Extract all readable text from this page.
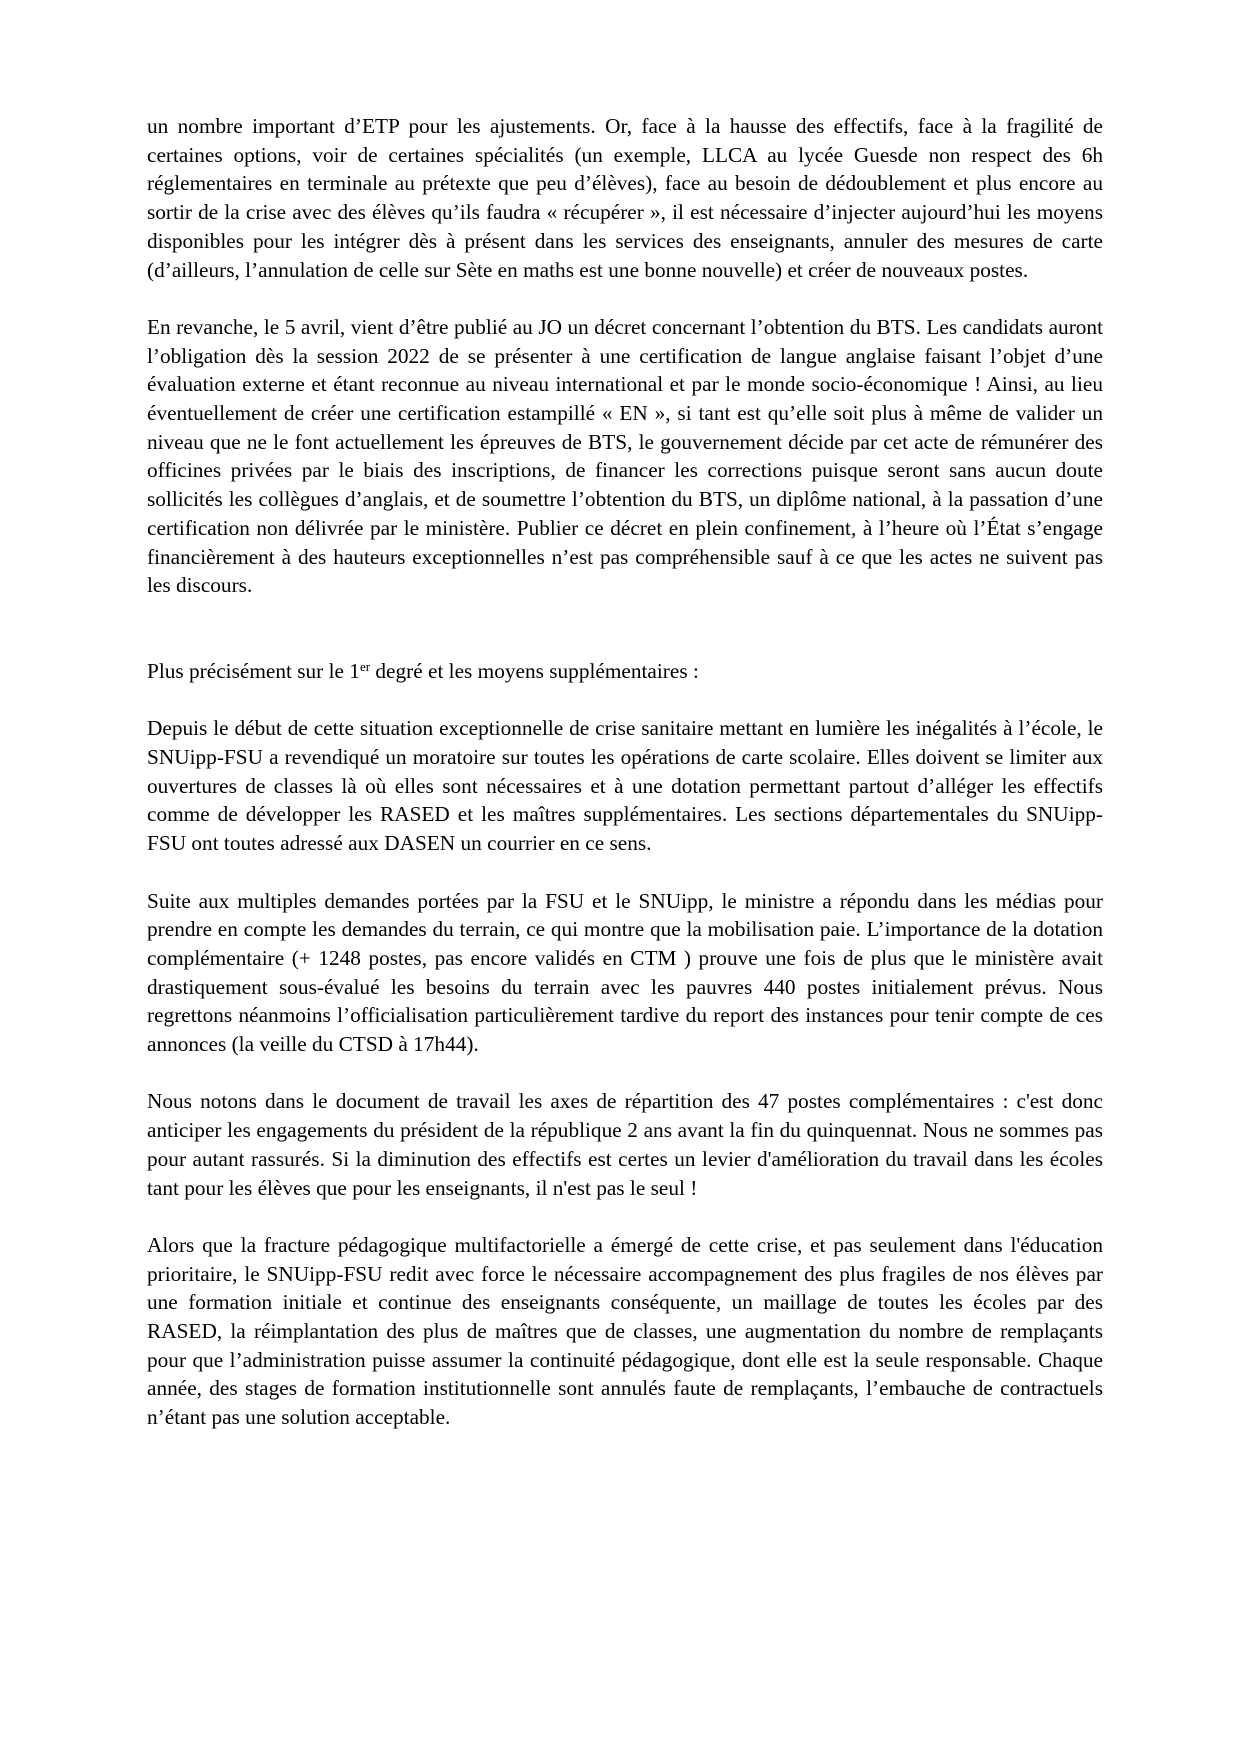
un nombre important d’ETP pour les ajustements. Or, face à la hausse des effectifs, face à la fragilité de certaines options, voir de certaines spécialités (un exemple, LLCA au lycée Guesde non respect des 6h réglementaires en terminale au prétexte que peu d’élèves), face au besoin de dédoublement et plus encore au sortir de la crise avec des élèves qu’ils faudra « récupérer », il est nécessaire d’injecter aujourd’hui les moyens disponibles pour les intégrer dès à présent dans les services des enseignants, annuler des mesures de carte (d’ailleurs, l’annulation de celle sur Sète en maths est une bonne nouvelle) et créer de nouveaux postes.

En revanche, le 5 avril, vient d’être publié au JO un décret concernant l’obtention du BTS. Les candidats auront l’obligation dès la session 2022 de se présenter à une certification de langue anglaise faisant l’objet d’une évaluation externe et étant reconnue au niveau international et par le monde socio-économique ! Ainsi, au lieu éventuellement de créer une certification estampillé « EN », si tant est qu’elle soit plus à même de valider un niveau que ne le font actuellement les épreuves de BTS, le gouvernement décide par cet acte de rémunérer des officines privées par le biais des inscriptions, de financer les corrections puisque seront sans aucun doute sollicités les collègues d’anglais, et de soumettre l’obtention du BTS, un diplôme national, à la passation d’une certification non délivrée par le ministère. Publier ce décret en plein confinement, à l’heure où l’État s’engage financièrement à des hauteurs exceptionnelles n’est pas compréhensible sauf à ce que les actes ne suivent pas les discours.

Plus précisément sur le 1er degré et les moyens supplémentaires :

Depuis le début de cette situation exceptionnelle de crise sanitaire mettant en lumière les inégalités à l’école, le SNUipp-FSU a revendiqué un moratoire sur toutes les opérations de carte scolaire. Elles doivent se limiter aux ouvertures de classes là où elles sont nécessaires et à une dotation permettant partout d’alléger les effectifs comme de développer les RASED et les maîtres supplémentaires. Les sections départementales du SNUipp-FSU ont toutes adressé aux DASEN un courrier en ce sens.

Suite aux multiples demandes portées par la FSU et le SNUipp, le ministre a répondu dans les médias pour prendre en compte les demandes du terrain, ce qui montre que la mobilisation paie. L’importance de la dotation complémentaire (+ 1248 postes, pas encore validés en CTM ) prouve une fois de plus que le ministère avait drastiquement sous-évalué les besoins du terrain avec les pauvres 440 postes initialement prévus. Nous regrettons néanmoins l’officialisation particulièrement tardive du report des instances pour tenir compte de ces annonces (la veille du CTSD à 17h44).

Nous notons dans le document de travail les axes de répartition des 47 postes complémentaires : c'est donc anticiper les engagements du président de la république 2 ans avant la fin du quinquennat. Nous ne sommes pas pour autant rassurés. Si la diminution des effectifs est certes un levier d'amélioration du travail dans les écoles tant pour les élèves que pour les enseignants, il n'est pas le seul !

Alors que la fracture pédagogique multifactorielle a émergé de cette crise, et pas seulement dans l'éducation prioritaire, le SNUipp-FSU redit avec force le nécessaire accompagnement des plus fragiles de nos élèves par une formation initiale et continue des enseignants conséquente, un maillage de toutes les écoles par des RASED, la réimplantation des plus de maîtres que de classes, une augmentation du nombre de remplaçants pour que l’administration puisse assumer la continuité pédagogique, dont elle est la seule responsable. Chaque année, des stages de formation institutionnelle sont annulés faute de remplaçants, l’embauche de contractuels n’étant pas une solution acceptable.
